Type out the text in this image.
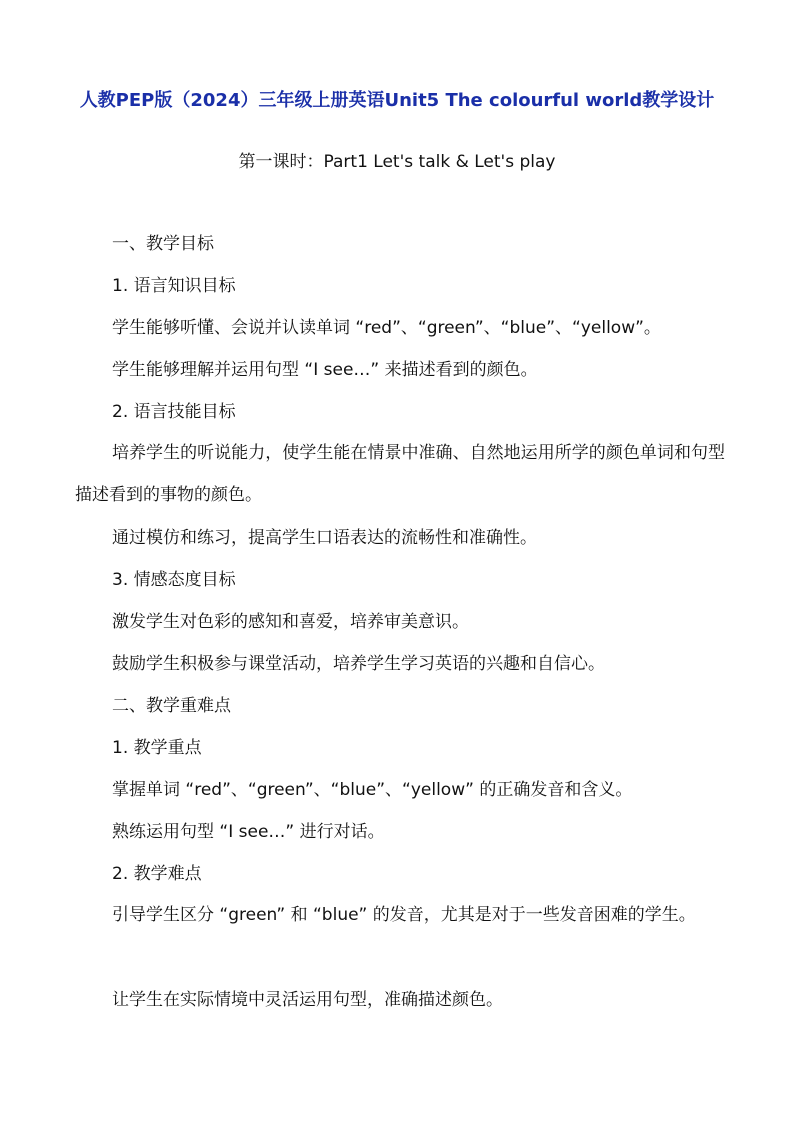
人教PEP版（2024）三年级上册英语Unit5 The colourful world教学设计
第一课时：Part1 Let's talk & Let's play
一、教学目标
1. 语言知识目标
学生能够听懂、会说并认读单词 “red”、“green”、“blue”、“yellow”。
学生能够理解并运用句型 “I see…” 来描述看到的颜色。
2. 语言技能目标
培养学生的听说能力，使学生能在情景中准确、自然地运用所学的颜色单词和句型描述看到的事物的颜色。
通过模仿和练习，提高学生口语表达的流畅性和准确性。
3. 情感态度目标
激发学生对色彩的感知和喜爱，培养审美意识。
鼓励学生积极参与课堂活动，培养学生学习英语的兴趣和自信心。
二、教学重难点
1. 教学重点
掌握单词 “red”、“green”、“blue”、“yellow” 的正确发音和含义。
熟练运用句型 “I see…” 进行对话。
2. 教学难点
引导学生区分 “green” 和 “blue” 的发音，尤其是对于一些发音困难的学生。
让学生在实际情境中灵活运用句型，准确描述颜色。
